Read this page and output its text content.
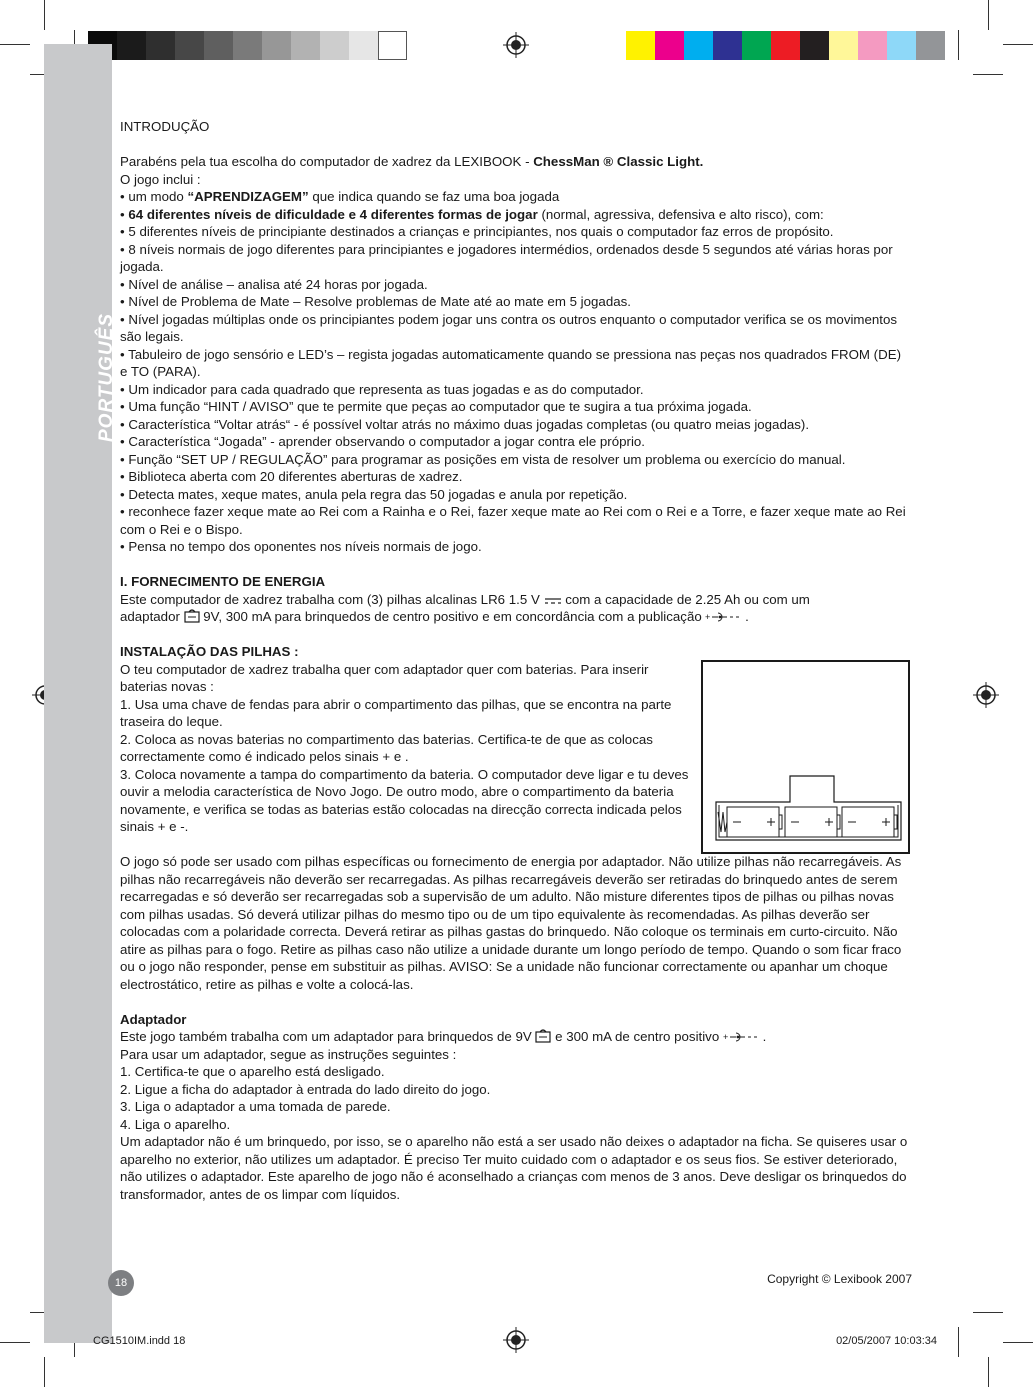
PORTUGUÊS

INTRODUÇÃO

Parabéns pela tua escolha do computador de xadrez da LEXIBOOK - ChessMan ® Classic Light.

O jogo inclui :

• um modo “APRENDIZAGEM” que indica quando se faz uma boa jogada

• 64 diferentes níveis de dificuldade e 4 diferentes formas de jogar (normal, agressiva, defensiva e alto risco), com:

• 5 diferentes níveis de principiante destinados a crianças e principiantes, nos quais o computador faz erros de propósito.

• 8 níveis normais de jogo diferentes para principiantes e jogadores intermédios, ordenados desde 5 segundos até várias horas por jogada.

• Nível de análise – analisa até 24 horas por jogada.

• Nível de Problema de Mate – Resolve problemas de Mate até ao mate em 5 jogadas.

• Nível jogadas múltiplas onde os principiantes podem jogar uns contra os outros enquanto o computador verifica se os movimentos são legais.

• Tabuleiro de jogo sensório e LED’s – regista jogadas automaticamente quando se pressiona nas peças nos quadrados FROM (DE) e TO (PARA).

• Um indicador para cada quadrado que representa as tuas jogadas e as do computador.

• Uma função “HINT / AVISO” que te permite que peças ao computador que te sugira a tua próxima jogada.

• Característica “Voltar atrás“ - é possível voltar atrás no máximo duas jogadas completas (ou quatro meias jogadas).

• Característica “Jogada” - aprender observando o computador a jogar contra ele próprio.

• Função “SET UP / REGULAÇÃO” para programar as posições em vista de resolver um problema ou exercício do manual.

• Biblioteca aberta com 20 diferentes aberturas de xadrez.

• Detecta mates, xeque mates, anula pela regra das 50 jogadas e anula por repetição.

• reconhece fazer xeque mate ao Rei com a Rainha e o Rei, fazer xeque mate ao Rei com o Rei e a Torre, e fazer xeque mate ao Rei com o Rei e o Bispo.

• Pensa no tempo dos oponentes nos níveis normais de jogo.

I. FORNECIMENTO DE ENERGIA

Este computador de xadrez trabalha com (3) pilhas alcalinas LR6 1.5 V  com a capacidade de 2.25 Ah ou com um

adaptador  9V, 300 mA para brinquedos de centro positivo e em concordância com a publicação + .

INSTALAÇÃO DAS PILHAS :

O teu computador de xadrez trabalha quer com adaptador quer com baterias. Para inserir baterias novas :

1. Usa uma chave de fendas para abrir o compartimento das pilhas, que se encontra na parte traseira do leque.

2. Coloca as novas baterias no compartimento das baterias. Certifica-te de que as colocas correctamente como é indicado pelos sinais + e .

3. Coloca novamente a tampa do compartimento da bateria. O computador deve ligar e tu deves ouvir a melodia característica de Novo Jogo. De outro modo, abre o compartimento da bateria novamente, e verifica se todas as baterias estão colocadas na direcção correcta indicada pelos sinais + e -.

O jogo só pode ser usado com pilhas específicas ou fornecimento de energia por adaptador. Não utilize pilhas não recarregáveis. As pilhas não recarregáveis não deverão ser recarregadas. As pilhas recarregáveis deverão ser retiradas do brinquedo antes de serem recarregadas e só deverão ser recarregadas sob a supervisão de um adulto. Não misture diferentes tipos de pilhas ou pilhas novas com pilhas usadas. Só deverá utilizar pilhas do mesmo tipo ou de um tipo equivalente às recomendadas. As pilhas deverão ser colocadas com a polaridade correcta. Deverá retirar as pilhas gastas do brinquedo. Não coloque os terminais em curto-circuito. Não atire as pilhas para o fogo. Retire as pilhas caso não utilize a unidade durante um longo período de tempo. Quando o som ficar fraco ou o jogo não responder, pense em substituir as pilhas. AVISO: Se a unidade não funcionar correctamente ou apanhar um choque electrostático, retire as pilhas e volte a colocá-las.

Adaptador

Este jogo também trabalha com um adaptador para brinquedos de 9V  e 300 mA de centro positivo + .

Para usar um adaptador, segue as instruções seguintes :

1. Certifica-te que o aparelho está desligado.

2. Ligue a ficha do adaptador à entrada do lado direito do jogo.

3. Liga o adaptador a uma tomada de parede.

4. Liga o aparelho.

Um adaptador não é um brinquedo, por isso, se o aparelho não está a ser usado não deixes o adaptador na ficha. Se quiseres usar o aparelho no exterior, não utilizes um adaptador. É preciso Ter muito cuidado com o adaptador e os seus fios. Se estiver deteriorado, não utilizes o adaptador. Este aparelho de jogo não é aconselhado a crianças com menos de 3 anos. Deve desligar os brinquedos do transformador, antes de os limpar com líquidos.

18	Copyright © Lexibook 2007
CG1510IM.indd 18	02/05/2007 10:03:34
